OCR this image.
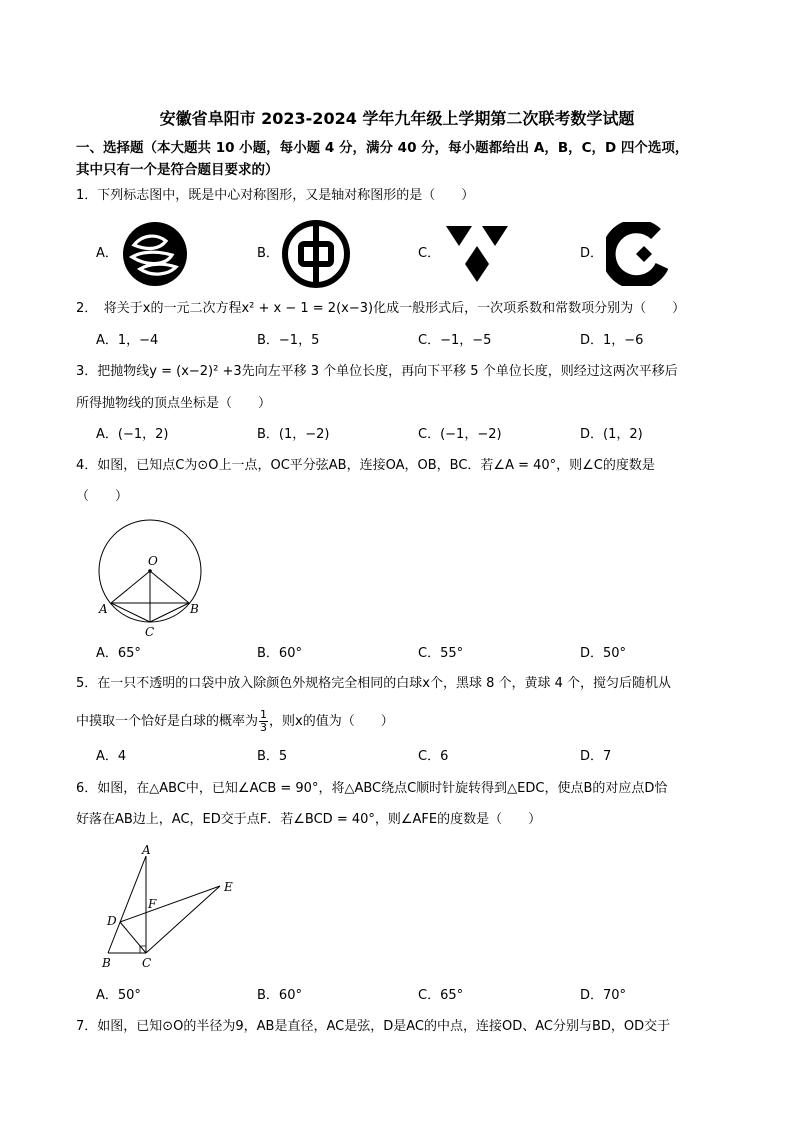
安徽省阜阳市 2023-2024 学年九年级上学期第二次联考数学试题
一、选择题（本大题共 10 小题，每小题 4 分，满分 40 分，每小题都给出 A，B，C，D 四个选项，
其中只有一个是符合题目要求的）
1．下列标志图中，既是中心对称图形，又是轴对称图形的是（　　）
A．	B．	C．	D．
2．　将关于x的一元二次方程x² + x − 1 = 2(x−3)化成一般形式后，一次项系数和常数项分别为（　　）
A．1，−4	B．−1，5	C．−1，−5	D．1，−6
3．把抛物线y = (x−2)² +3先向左平移 3 个单位长度，再向下平移 5 个单位长度，则经过这两次平移后
所得抛物线的顶点坐标是（　　）
A．(−1，2)	B．(1，−2)	C．(−1，−2)	D．(1，2)
4．如图，已知点C为⊙O上一点，OC平分弦AB，连接OA，OB，BC．若∠A = 40°，则∠C的度数是
（　　）
O
A	B
C
A．65°	B．60°	C．55°	D．50°
5．在一只不透明的口袋中放入除颜色外规格完全相同的白球x个，黑球 8 个，黄球 4 个，搅匀后随机从
中摸取一个恰好是白球的概率为 $\frac{1}{3}$ ，则x的值为（　　）
A．4	B．5	C．6	D．7
6．如图，在△ABC中，已知∠ACB = 90°，将△ABC绕点C顺时针旋转得到△EDC，使点B的对应点D恰
好落在AB边上，AC，ED交于点F．若∠BCD = 40°，则∠AFE的度数是（　　）
A
B	C
D
E
F
A．50°	B．60°	C．65°	D．70°
7．如图，已知⊙O的半径为9，AB是直径，AC是弦，D是AC的中点，连接OD、AC分别与BD，OD交于
